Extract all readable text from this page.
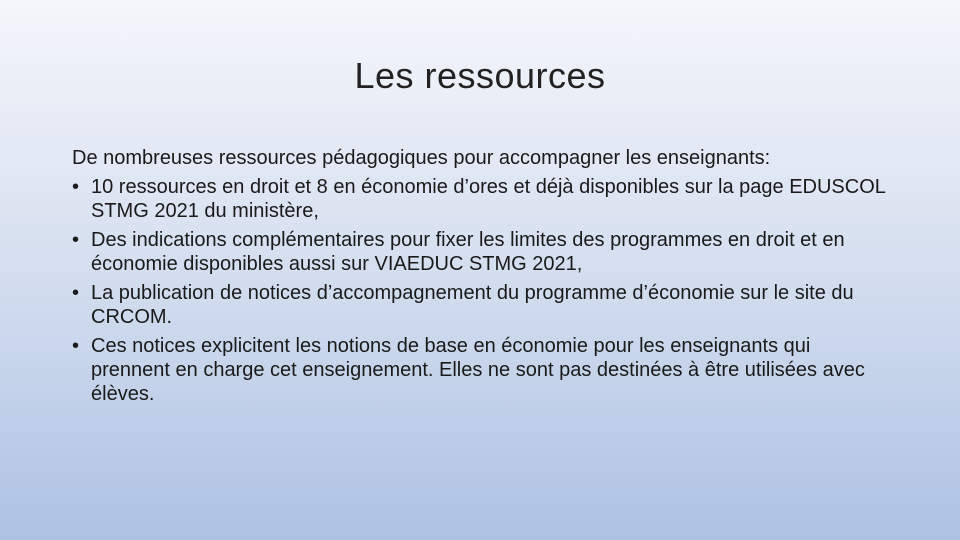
Les ressources

De nombreuses ressources pédagogiques pour accompagner les enseignants:

• 10 ressources en droit et 8 en économie d’ores et déjà disponibles sur la page EDUSCOL STMG 2021 du ministère,
• Des indications complémentaires pour fixer les limites des programmes en droit et en économie disponibles aussi sur VIAEDUC STMG 2021,
• La publication de notices d’accompagnement du programme d’économie sur le site du CRCOM.
• Ces notices explicitent les notions de base en économie pour les enseignants qui prennent en charge cet enseignement. Elles ne sont pas destinées à être utilisées avec élèves.
